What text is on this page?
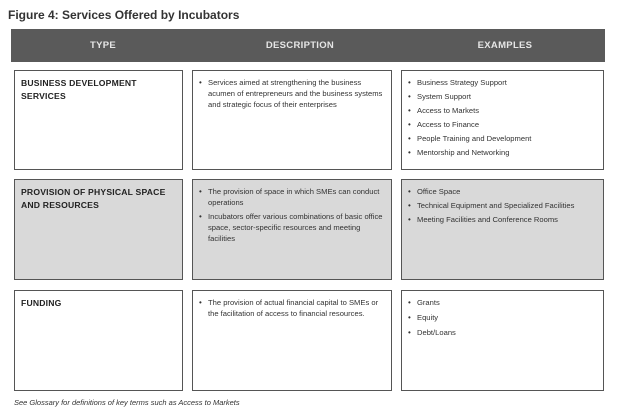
Figure 4: Services Offered by Incubators
TYPE	DESCRIPTION	EXAMPLES
BUSINESS DEVELOPMENT SERVICES
• Services aimed at strengthening the business acumen of entrepreneurs and the business systems and strategic focus of their enterprises
• Business Strategy Support
• System Support
• Access to Markets
• Access to Finance
• People Training and Development
• Mentorship and Networking
PROVISION OF PHYSICAL SPACE AND RESOURCES
• The provision of space in which SMEs can conduct operations
• Incubators offer various combinations of basic office space, sector-specific resources and meeting facilities
• Office Space
• Technical Equipment and Specialized Facilities
• Meeting Facilities and Conference Rooms
FUNDING
•	The provision of actual financial capital to SMEs or the facilitation of access to financial resources.
• Grants
• Equity
• Debt/Loans
See Glossary for definitions of key terms such as Access to Markets
